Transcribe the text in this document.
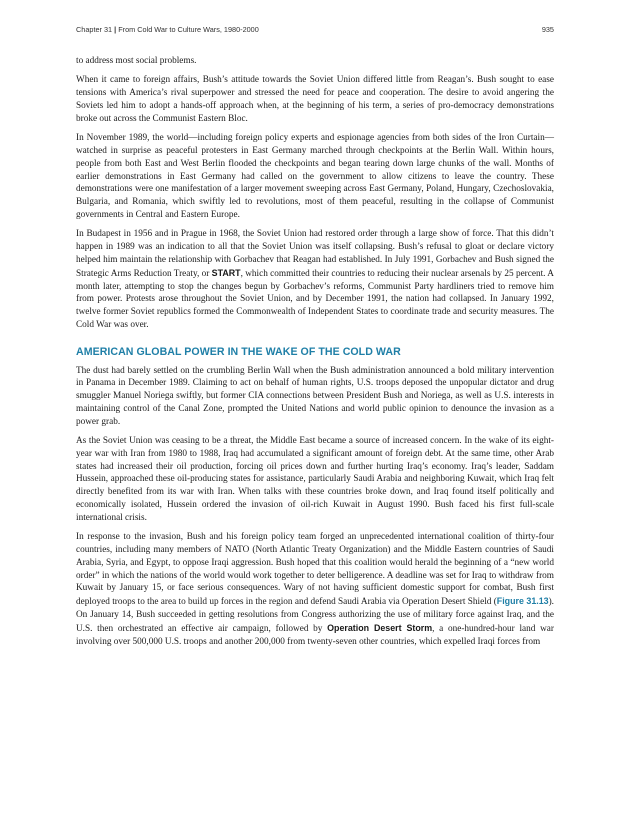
Chapter 31 | From Cold War to Culture Wars, 1980-2000	935

to address most social problems.

When it came to foreign affairs, Bush’s attitude towards the Soviet Union differed little from Reagan’s. Bush sought to ease tensions with America’s rival superpower and stressed the need for peace and cooperation. The desire to avoid angering the Soviets led him to adopt a hands-off approach when, at the beginning of his term, a series of pro-democracy demonstrations broke out across the Communist Eastern Bloc.

In November 1989, the world—including foreign policy experts and espionage agencies from both sides of the Iron Curtain—watched in surprise as peaceful protesters in East Germany marched through checkpoints at the Berlin Wall. Within hours, people from both East and West Berlin flooded the checkpoints and began tearing down large chunks of the wall. Months of earlier demonstrations in East Germany had called on the government to allow citizens to leave the country. These demonstrations were one manifestation of a larger movement sweeping across East Germany, Poland, Hungary, Czechoslovakia, Bulgaria, and Romania, which swiftly led to revolutions, most of them peaceful, resulting in the collapse of Communist governments in Central and Eastern Europe.

In Budapest in 1956 and in Prague in 1968, the Soviet Union had restored order through a large show of force. That this didn’t happen in 1989 was an indication to all that the Soviet Union was itself collapsing. Bush’s refusal to gloat or declare victory helped him maintain the relationship with Gorbachev that Reagan had established. In July 1991, Gorbachev and Bush signed the Strategic Arms Reduction Treaty, or START, which committed their countries to reducing their nuclear arsenals by 25 percent. A month later, attempting to stop the changes begun by Gorbachev’s reforms, Communist Party hardliners tried to remove him from power. Protests arose throughout the Soviet Union, and by December 1991, the nation had collapsed. In January 1992, twelve former Soviet republics formed the Commonwealth of Independent States to coordinate trade and security measures. The Cold War was over.

AMERICAN GLOBAL POWER IN THE WAKE OF THE COLD WAR

The dust had barely settled on the crumbling Berlin Wall when the Bush administration announced a bold military intervention in Panama in December 1989. Claiming to act on behalf of human rights, U.S. troops deposed the unpopular dictator and drug smuggler Manuel Noriega swiftly, but former CIA connections between President Bush and Noriega, as well as U.S. interests in maintaining control of the Canal Zone, prompted the United Nations and world public opinion to denounce the invasion as a power grab.

As the Soviet Union was ceasing to be a threat, the Middle East became a source of increased concern. In the wake of its eight-year war with Iran from 1980 to 1988, Iraq had accumulated a significant amount of foreign debt. At the same time, other Arab states had increased their oil production, forcing oil prices down and further hurting Iraq’s economy. Iraq’s leader, Saddam Hussein, approached these oil-producing states for assistance, particularly Saudi Arabia and neighboring Kuwait, which Iraq felt directly benefited from its war with Iran. When talks with these countries broke down, and Iraq found itself politically and economically isolated, Hussein ordered the invasion of oil-rich Kuwait in August 1990. Bush faced his first full-scale international crisis.

In response to the invasion, Bush and his foreign policy team forged an unprecedented international coalition of thirty-four countries, including many members of NATO (North Atlantic Treaty Organization) and the Middle Eastern countries of Saudi Arabia, Syria, and Egypt, to oppose Iraqi aggression. Bush hoped that this coalition would herald the beginning of a “new world order” in which the nations of the world would work together to deter belligerence. A deadline was set for Iraq to withdraw from Kuwait by January 15, or face serious consequences. Wary of not having sufficient domestic support for combat, Bush first deployed troops to the area to build up forces in the region and defend Saudi Arabia via Operation Desert Shield (Figure 31.13). On January 14, Bush succeeded in getting resolutions from Congress authorizing the use of military force against Iraq, and the U.S. then orchestrated an effective air campaign, followed by Operation Desert Storm, a one-hundred-hour land war involving over 500,000 U.S. troops and another 200,000 from twenty-seven other countries, which expelled Iraqi forces from
